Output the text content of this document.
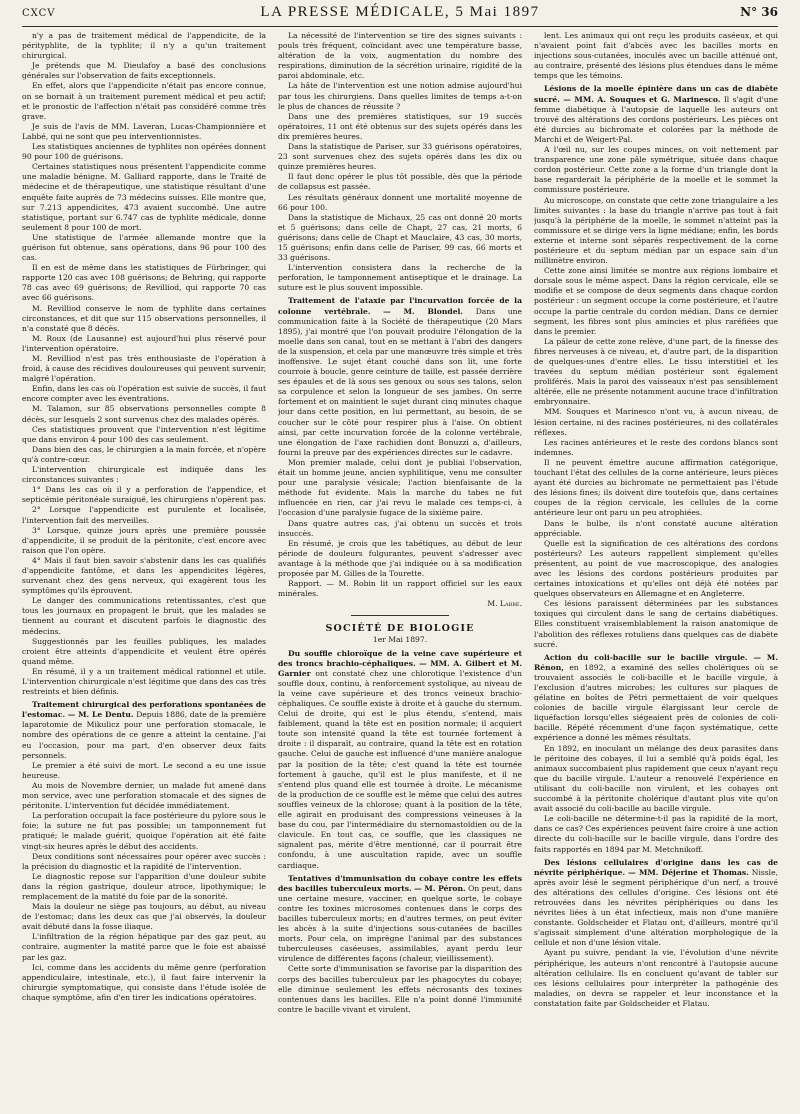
CXCV	LA PRESSE MÉDICALE, 5 Mai 1897	N° 36

n'y a pas de traitement médical de l'appendicite, de la pérityphlite, de la typhlite; il n'y a qu'un traitement chirurgical.

Je prétends que M. Dieulafoy a basé des conclusions générales sur l'observation de faits exceptionnels.

En effet, alors que l'appendicite n'était pas encore connue, on se bornait à un traitement purement médical et peu actif; et le pronostic de l'affection n'était pas considéré comme très grave.

Je suis de l'avis de MM. Laveran, Lucas-Championnière et Labbé, qui ne sont que peu interventionnistes.

Les statistiques anciennes de typhlites non opérées donnent 90 pour 100 de guérisons.

Certaines statistiques nous présentent l'appendicite comme une maladie bénigne. M. Galliard rapporte, dans le Traité de médecine et de thérapeutique, une statistique résultant d'une enquête faite auprès de 73 médecins suisses. Elle montre que, sur 7.213 appendicites, 473 avaient succombé. Une autre statistique, portant sur 6.747 cas de typhlite médicale, donne seulement 8 pour 100 de mort.

Une statistique de l'armée allemande montre que la guérison fut obtenue, sans opérations, dans 96 pour 100 des cas.

Il en est de même dans les statistiques de Fürbringer, qui rapporte 120 cas avec 108 guérisons; de Behring, qui rapporte 78 cas avec 69 guérisons; de Revilliod, qui rapporte 70 cas avec 66 guérisons.

M. Revilliod conserve le nom de typhlite dans certaines circonstances, et dit que sur 115 observations personnelles, il n'a constaté que 8 décès.

M. Roux (de Lausanne) est aujourd'hui plus réservé pour l'intervention opératoire.

M. Revilliod n'est pas très enthousiaste de l'opération à froid, à cause des récidives douloureuses qui peuvent survenir, malgré l'opération.

Enfin, dans les cas où l'opération est suivie de succès, il faut encore compter avec les éventrations.

M. Talamon, sur 85 observations personnelles compte 8 décès, sur lesquels 2 sont survenus chez des malades opérés.

Ces statistiques prouvent que l'intervention n'est légitime que dans environ 4 pour 100 des cas seulement.

Dans bien des cas, le chirurgien a la main forcée, et n'opère qu'à contre-cœur.

L'intervention chirurgicale est indiquée dans les circonstances suivantes :

1° Dans les cas où il y a perforation de l'appendice, et septicémie péritonéale suraiguë, les chirurgiens n'opèrent pas.

2° Lorsque l'appendicite est purulente et localisée, l'intervention fait des merveilles.

3° Lorsque, quinze jours après une première poussée d'appendicite, il se produit de la péritonite, c'est encore avec raison que l'on opère.

4° Mais il faut bien savoir s'abstenir dans les cas qualifiés d'appendicite fantôme, et dans les appendicites légères, survenant chez des gens nerveux, qui exagèrent tous les symptômes qu'ils éprouvent.

Le danger des communications retentissantes, c'est que tous les journaux en propagent le bruit, que les malades se tiennent au courant et discutent parfois le diagnostic des médecins.

Suggestionnés par les feuilles publiques, les malades croient être atteints d'appendicite et veulent être opérés quand même.

En résumé, il y a un traitement médical rationnel et utile. L'intervention chirurgicale n'est légitime que dans des cas très restreints et bien définis.

Traitement chirurgical des perforations spontanées de l'estomac. — M. Le Dentu. Depuis 1886, date de la première laparotomie de Mikulicz pour une perforation stomacale, le nombre des opérations de ce genre a atteint la centaine. J'ai eu l'occasion, pour ma part, d'en observer deux faits personnels.

Le premier a été suivi de mort. Le second a eu une issue heureuse.

Au mois de Novembre dernier, un malade fut amené dans mon service, avec une perforation stomacale et des signes de péritonite. L'intervention fut décidée immédiatement.

La perforation occupait la face postérieure du pylore sous le foie; la suture ne fut pas possible; un tamponnement fut pratiqué; le malade guérit, quoique l'opération ait été faite vingt-six heures après le début des accidents.

Deux conditions sont nécessaires pour opérer avec succès : la précision du diagnostic et la rapidité de l'intervention.

Le diagnostic repose sur l'apparition d'une douleur subite dans la région gastrique, douleur atroce, lipothymique; le remplacement de la matité du foie par de la sonorité.

Mais la douleur ne siège pas toujours, au début, au niveau de l'estomac; dans les deux cas que j'ai observés, la douleur avait débuté dans la fosse iliaque.

L'infiltration de la région hépatique par des gaz peut, au contraire, augmenter la matité parce que le foie est abaissé par les gaz.

Ici, comme dans les accidents du même genre (perforation appendiculaire, intestinale, etc.), il faut faire intervenir la chirurgie symptomatique, qui consiste dans l'étude isolée de chaque symptôme, afin d'en tirer les indications opératoires.

La nécessité de l'intervention se tire des signes suivants : pouls très fréquent, coïncidant avec une température basse, altération de la voix, augmentation du nombre des respirations, diminution de la sécrétion urinaire, rigidité de la paroi abdominale, etc.

La hâte de l'intervention est une notion admise aujourd'hui par tous les chirurgiens. Dans quelles limites de temps a-t-on le plus de chances de réussite ?

Dans une des premières statistiques, sur 19 succès opératoires, 11 ont été obtenus sur des sujets opérés dans les dix premières heures.

Dans la statistique de Pariser, sur 33 guérisons opératoires, 23 sont survenues chez des sujets opérés dans les dix ou quinze premières heures.

Il faut donc opérer le plus tôt possible, dès que la période de collapsus est passée.

Les résultats généraux donnent une mortalité moyenne de 66 pour 100.

Dans la statistique de Michaux, 25 cas ont donné 20 morts et 5 guérisons; dans celle de Chapt, 27 cas, 21 morts, 6 guérisons; dans celle de Chapt et Mauclaire, 43 cas, 30 morts, 15 guérisons; enfin dans celle de Pariser, 99 cas, 66 morts et 33 guérisons.

L'intervention consistera dans la recherche de la perforation, le tamponnement antiseptique et le drainage. La suture est le plus souvent impossible.

Traitement de l'ataxie par l'incurvation forcée de la colonne vertébrale. — M. Blondel. Dans une communication faite à la Société de thérapeutique (20 Mars 1895), j'ai montré que l'on pouvait produire l'élongation de la moelle dans son canal, tout en se mettant à l'abri des dangers de la suspension, et cela par une manœuvre très simple et très inoffensive. Le sujet étant couché dans son lit, une forte courroie à boucle, genre ceinture de taille, est passée derrière ses épaules et de là sous ses genoux ou sous ses talons, selon sa corpulence et selon la longueur de ses jambes. On serre fortement et on maintient le sujet durant cinq minutes chaque jour dans cette position, en lui permettant, au besoin, de se coucher sur le côté pour respirer plus à l'aise. On obtient ainsi, par cette incurvation forcée de la colonne vertébrale, une élongation de l'axe rachidien dont Bonuzzi a, d'ailleurs, fourni la preuve par des expériences directes sur le cadavre.

Mon premier malade, celui dont je publiai l'observation, était un homme jeune, ancien syphilitique, venu me consulter pour une paralysie vésicale; l'action bienfaisante de la méthode fut évidente. Mais la marche du tabes ne fut influencée en rien, car j'ai revu le malade ces temps-ci, à l'occasion d'une paralysie fugace de la sixième paire.

Dans quatre autres cas, j'ai obtenu un succès et trois insuccès.

En résumé, je crois que les tabétiques, au début de leur période de douleurs fulgurantes, peuvent s'adresser avec avantage à la méthode que j'ai indiquée ou à sa modification proposée par M. Gilles de la Tourette.

Rapport. — M. Robin lit un rapport officiel sur les eaux minérales.

M. Labbé.
SOCIÉTÉ DE BIOLOGIE
1er Mai 1897.

Du souffle chloroïque de la veine cave supérieure et des troncs brachio-céphaliques. — MM. A. Gilbert et M. Garnier ont constaté chez une chlorotique l'existence d'un souffle doux, continu, à renforcement systolique, au niveau de la veine cave supérieure et des troncs veineux brachio-céphaliques. Ce souffle existe à droite et à gauche du sternum. Celui de droite, qui est le plus étendu, s'entend, mais faiblement, quand la tête est en position normale; il acquiert toute son intensité quand la tête est tournée fortement à droite : il disparaît, au contraire, quand la tête est en rotation gauche. Celui de gauche est influencé d'une manière analogue par la position de la tête; c'est quand la tête est tournée fortement à gauche, qu'il est le plus manifeste, et il ne s'entend plus quand elle est tournée à droite. Le mécanisme de la production de ce souffle est le même que celui des autres souffles veineux de la chlorose; quant à la position de la tête, elle agirait en produisant des compressions veineuses à la base du cou, par l'intermédiaire du sternomastoïdien ou de la clavicule. En tout cas, ce souffle, que les classiques ne signalent pas, mérite d'être mentionné, car il pourrait être confondu, à une auscultation rapide, avec un souffle cardiaque.

Tentatives d'immunisation du cobaye contre les effets des bacilles tuberculeux morts. — M. Péron. On peut, dans une certaine mesure, vacciner, en quelque sorte, le cobaye contre les toxines microsomes contenues dans le corps des bacilles tuberculeux morts; en d'autres termes, on peut éviter les abcès à la suite d'injections sous-cutanées de bacilles morts. Pour cela, on imprègne l'animal par des substances tuberculeuses caséeuses, assimilables, ayant perdu leur virulence de différentes façons (chaleur, vieillissement).

Cette sorte d'immunisation se favorise par la disparition des corps des bacilles tuberculeux par les phagocytes du cobaye; elle diminue seulement les effets nécrosants des toxines contenues dans les bacilles. Elle n'a point donné l'immunité contre le bacille vivant et virulent.

lent. Les animaux qui ont reçu les produits caséeux, et qui n'avaient point fait d'abcès avec les bacilles morts en injections sous-cutanées, inoculés avec un bacille atténué ont, au contraire, présenté des lésions plus étendues dans le même temps que les témoins.

Lésions de la moelle épinière dans un cas de diabète sucré. — MM. A. Souques et G. Marinesco. Il s'agit d'une femme diabétique à l'autopsie de laquelle les auteurs ont trouvé des altérations des cordons postérieurs. Les pièces ont été durcies au bichromate et colorées par la méthode de Marchi et de Weigert-Pal.

A l'œil nu, sur les coupes minces, on voit nettement par transparence une zone pâle symétrique, située dans chaque cordon postérieur. Cette zone a la forme d'un triangle dont la base regarderait la périphérie de la moelle et le sommet la commissure postérieure.

Au microscope, on constate que cette zone triangulaire a les limites suivantes : la base du triangle n'arrive pas tout à fait jusqu'à la périphérie de la moelle, le sommet n'atteint pas la commissure et se dirige vers la ligne médiane; enfin, les bords externe et interne sont séparés respectivement de la corne postérieure et du septum médian par un espace sain d'un millimètre environ.

Cette zone ainsi limitée se montre aux régions lombaire et dorsale sous le même aspect. Dans la région cervicale, elle se modifie et se compose de deux segments dans chaque cordon postérieur : un segment occupe la corne postérieure, et l'autre occupe la partie centrale du cordon médian. Dans ce dernier segment, les fibres sont plus amincies et plus raréfiées que dans le premier.

La pâleur de cette zone relève, d'une part, de la finesse des fibres nerveuses à ce niveau, et, d'autre part, de la disparition de quelques-unes d'entre elles. Le tissu interstitiel et les travées du septum médian postérieur sont également proliférés. Mais la paroi des vaisseaux n'est pas sensiblement altérée, elle ne présente notamment aucune trace d'infiltration embryonnaire.

MM. Souques et Marinesco n'ont vu, à aucun niveau, de lésion certaine, ni des racines postérieures, ni des collatérales réflexes.

Les racines antérieures et le reste des cordons blancs sont indemnes.

Il ne peuvent émettre aucune affirmation catégorique, touchant l'état des cellules de la corne antérieure, leurs pièces ayant été durcies au bichromate ne permettaient pas l'étude des lésions fines; ils doivent dire toutefois que, dans certaines coupes de la région cervicale, les cellules de la corne antérieure leur ont paru un peu atrophiées.

Dans le bulbe, ils n'ont constaté aucune altération appréciable.

Quelle est la signification de ces altérations des cordons postérieurs? Les auteurs rappellent simplement qu'elles présentent, au point de vue macroscopique, des analogies avec les lésions des cordons postérieurs produites par certaines intoxications et qu'elles ont déjà été notées par quelques observateurs en Allemagne et en Angleterre.

Ces lésions paraissent déterminées par les substances toxiques qui circulent dans le sang de certains diabétiques. Elles constituent vraisemblablement la raison anatomique de l'abolition des réflexes rotuliens dans quelques cas de diabète sucré.

Action du coli-bacille sur le bacille virgule. — M. Rénon, en 1892, a examiné des selles cholériques où se trouvaient associés le coli-bacille et le bacille virgule, à l'exclusion d'autres microbes; les cultures sur plaques de gélatine en boîtes de Pétri permettaient de voir quelques colonies de bacille virgule élargissant leur cercle de liquéfaction lorsqu'elles siégeaient près de colonies de coli-bacille. Répété récemment d'une façon systématique, cette expérience a donné les mêmes résultats.

En 1892, en inoculant un mélange des deux parasites dans le péritoine des cobayes, il lui a semblé qu'à poids égal, les animaux succombaient plus rapidement que ceux n'ayant reçu que du bacille virgule. L'auteur a renouvelé l'expérience en utilisant du coli-bacille non virulent, et les cobayes ont succombé à la péritonite cholérique d'autant plus vite qu'on avait associé du coli-bacille au bacille virgule.

Le coli-bacille ne détermine-t-il pas la rapidité de la mort, dans ce cas? Ces expériences peuvent faire croire à une action directe du coli-bacille sur le bacille virgule, dans l'ordre des faits rapportés en 1894 par M. Metchnikoff.

Des lésions cellulaires d'origine dans les cas de névrite périphérique. — MM. Déjerine et Thomas. Nissle, après avoir lésé le segment périphérique d'un nerf, a trouvé des altérations des cellules d'origine. Ces lésions ont été retrouvées dans les névrites périphériques ou dans les névrites liées à un état infectieux, mais non d'une manière constante. Goldscheider et Flatau ont, d'ailleurs, montré qu'il s'agissait simplement d'une altération morphologique de la cellule et non d'une lésion vitale.

Ayant pu suivre, pendant la vie, l'évolution d'une névrite périphérique, les auteurs n'ont rencontré à l'autopsie aucune altération cellulaire. Ils en concluent qu'avant de tabler sur ces lésions cellulaires pour interpréter la pathogénie des maladies, on devra se rappeler et leur inconstance et la constatation faite par Goldscheider et Flatau.
